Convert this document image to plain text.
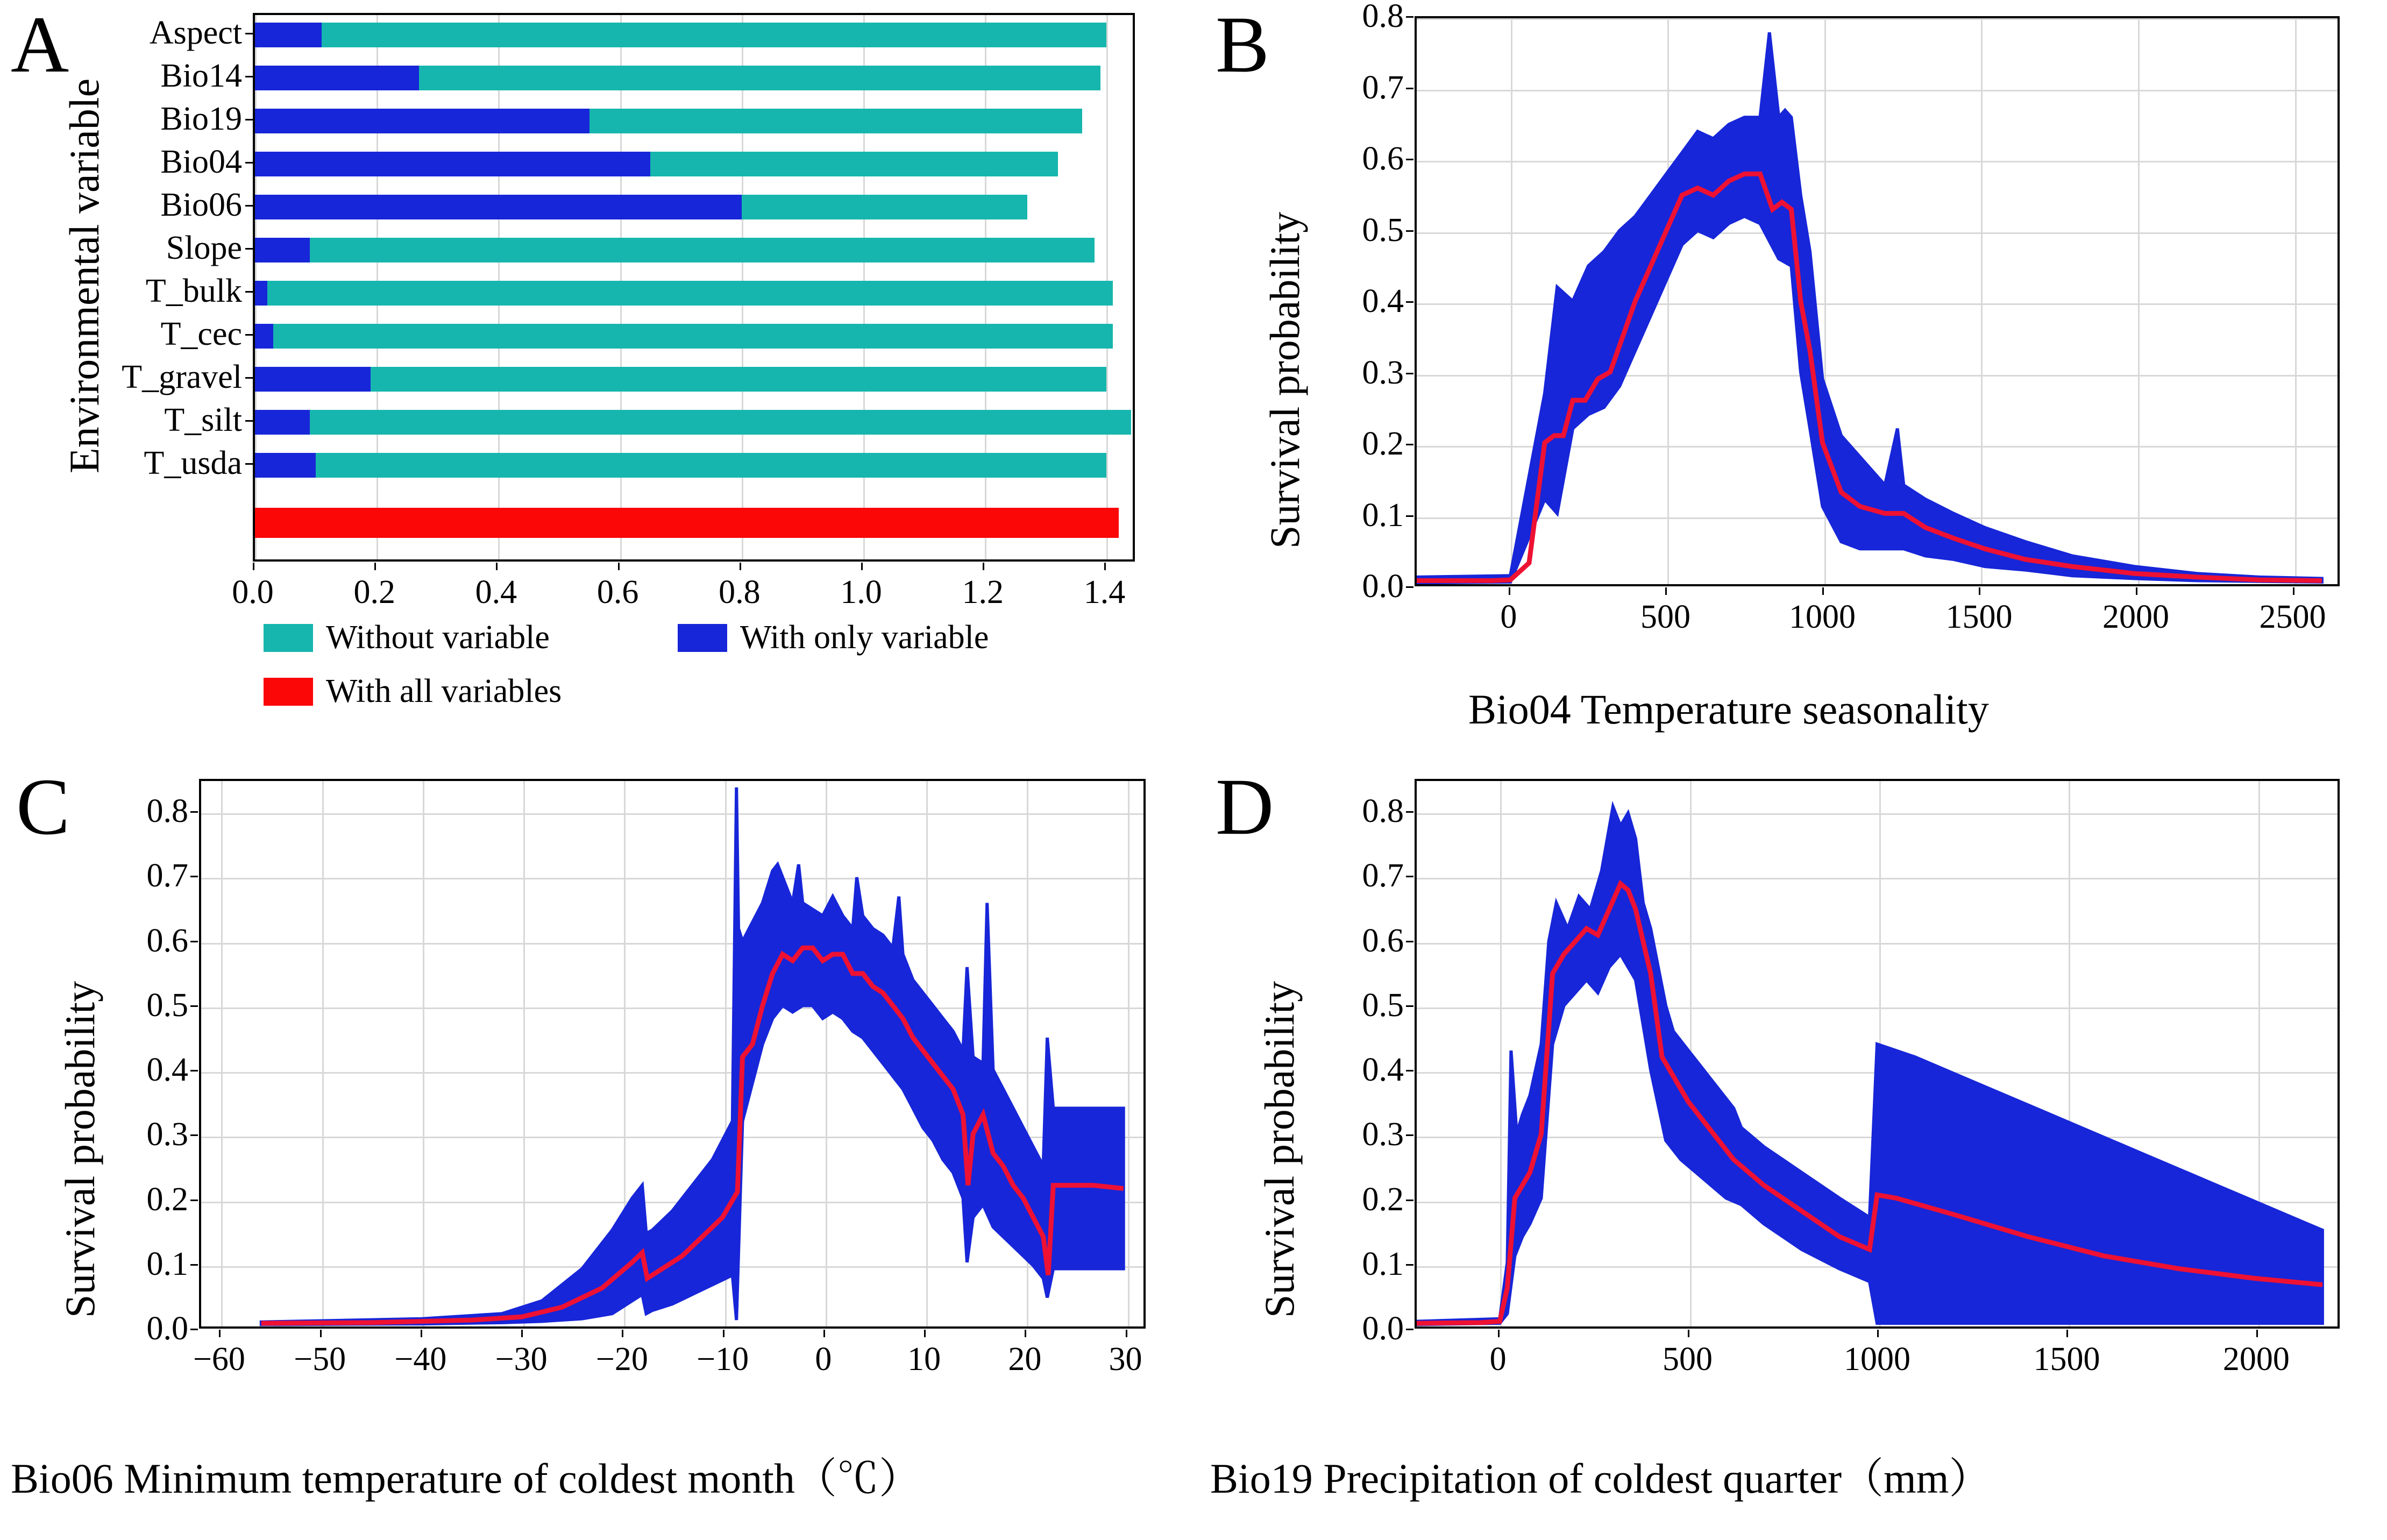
A
Environmental variable
Aspect
Bio14
Bio19
Bio04
Bio06
Slope
T_bulk
T_cec
T_gravel
T_silt
T_usda
0.0 0.2 0.4 0.6 0.8 1.0 1.2 1.4
Without variable	With only variable
With all variables
B
Survival probability
0.0
0.1
0.2
0.3
0.4
0.5
0.6
0.7
0.8
0	500	1000	1500	2000	2500
Bio04 Temperature seasonality
C
Survival probability
0.0
0.1
0.2
0.3
0.4
0.5
0.6
0.7
0.8
−60 −50 −40 −30 −20 −10 0 10 20 30
Bio06 Minimum temperature of coldest month（℃）
D
Survival probability
0.0
0.1
0.2
0.3
0.4
0.5
0.6
0.7
0.8
0	500	1000	1500	2000
Bio19 Precipitation of coldest quarter（mm）
